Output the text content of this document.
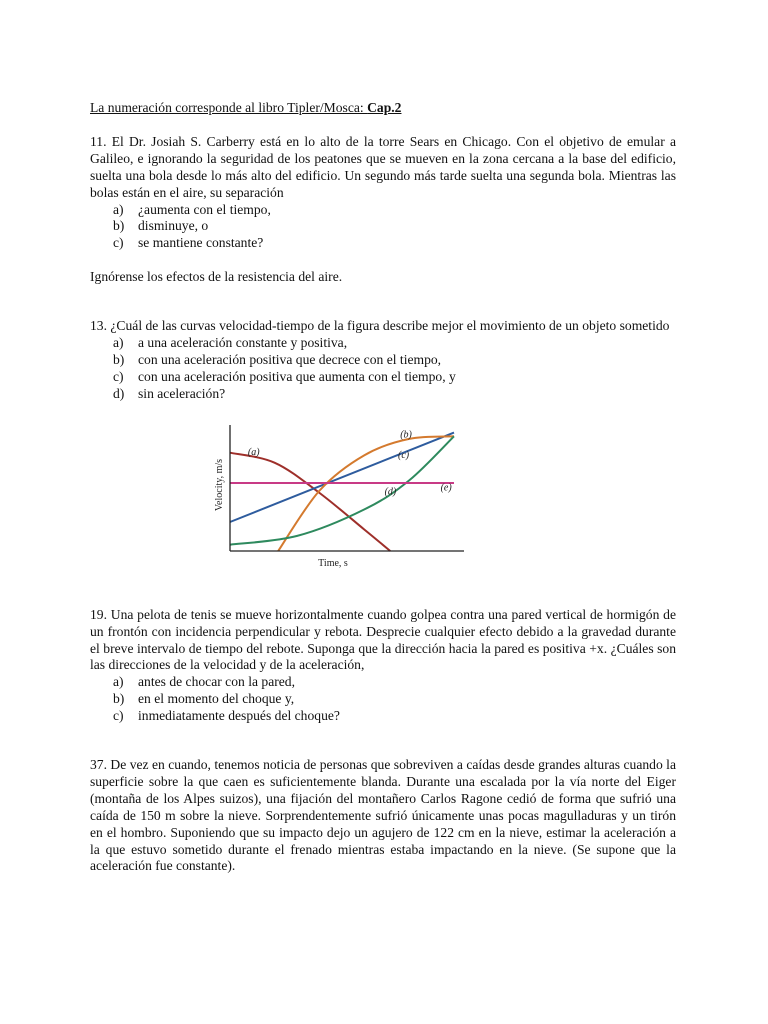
La numeración corresponde al libro Tipler/Mosca: Cap.2

11. El Dr. Josiah S. Carberry está en lo alto de la torre Sears en Chicago. Con el objetivo de emular a Galileo, e ignorando la seguridad de los peatones que se mueven en la zona cercana a la base del edificio, suelta una bola desde lo más alto del edificio. Un segundo más tarde suelta una segunda bola. Mientras las bolas están en el aire, su separación

a)	¿aumenta con el tiempo,
b)	disminuye, o
c)	se mantiene constante?

Ignórense los efectos de la resistencia del aire.

13. ¿Cuál de las curvas velocidad-tiempo de la figura describe mejor el movimiento de un objeto sometido

a)	a una aceleración constante y positiva,
b)	con una aceleración positiva que decrece con el tiempo,
c)	con una aceleración positiva que aumenta con el tiempo, y
d)	sin aceleración?
(a)
(b)
(c)
(d)	(e)
Velocity, m/s
Time, s

19. Una pelota de tenis se mueve horizontalmente cuando golpea contra una pared vertical de hormigón de un frontón con incidencia perpendicular y rebota. Desprecie cualquier efecto debido a la gravedad durante el breve intervalo de tiempo del rebote. Suponga que la dirección hacia la pared es positiva +x. ¿Cuáles son las direcciones de la velocidad y de la aceleración,

a)	antes de chocar con la pared,
b)	en el momento del choque y,
c)	inmediatamente después del choque?

37. De vez en cuando, tenemos noticia de personas que sobreviven a caídas desde grandes alturas cuando la superficie sobre la que caen es suficientemente blanda. Durante una escalada por la vía norte del Eiger (montaña de los Alpes suizos), una fijación del montañero Carlos Ragone cedió de forma que sufrió una caída de 150 m sobre la nieve. Sorprendentemente sufrió únicamente unas pocas magulladuras y un tirón en el hombro. Suponiendo que su impacto dejo un agujero de 122 cm en la nieve, estimar la aceleración a la que estuvo sometido durante el frenado mientras estaba impactando en la nieve. (Se supone que la aceleración fue constante).
